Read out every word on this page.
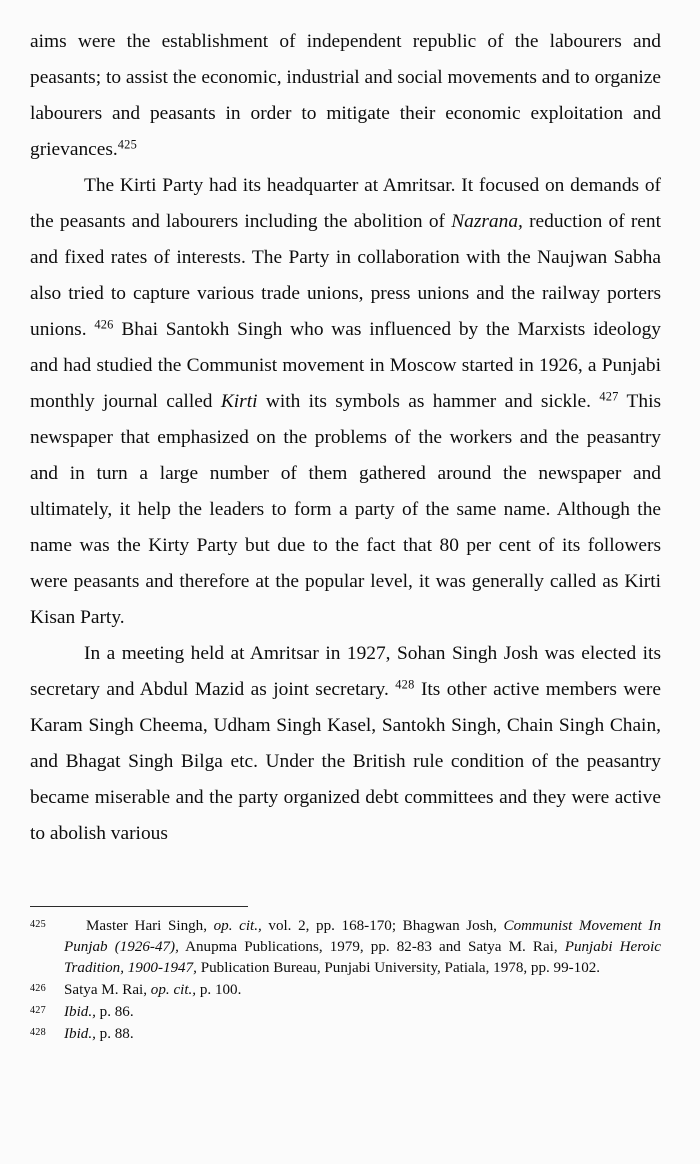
aims were the establishment of independent republic of the labourers and peasants; to assist the economic, industrial and social movements and to organize labourers and peasants in order to mitigate their economic exploitation and grievances.$^{425}$

The Kirti Party had its headquarter at Amritsar. It focused on demands of the peasants and labourers including the abolition of Nazrana, reduction of rent and fixed rates of interests. The Party in collaboration with the Naujwan Sabha also tried to capture various trade unions, press unions and the railway porters unions. $^{426}$ Bhai Santokh Singh who was influenced by the Marxists ideology and had studied the Communist movement in Moscow started in 1926, a Punjabi monthly journal called Kirti with its symbols as hammer and sickle. $^{427}$ This newspaper that emphasized on the problems of the workers and the peasantry and in turn a large number of them gathered around the newspaper and ultimately, it help the leaders to form a party of the same name. Although the name was the Kirty Party but due to the fact that 80 per cent of its followers were peasants and therefore at the popular level, it was generally called as Kirti Kisan Party.

In a meeting held at Amritsar in 1927, Sohan Singh Josh was elected its secretary and Abdul Mazid as joint secretary. $^{428}$ Its other active members were Karam Singh Cheema, Udham Singh Kasel, Santokh Singh, Chain Singh Chain, and Bhagat Singh Bilga etc. Under the British rule condition of the peasantry became miserable and the party organized debt committees and they were active to abolish various

425	Master Hari Singh, op. cit., vol. 2, pp. 168-170; Bhagwan Josh, Communist Movement In Punjab (1926-47), Anupma Publications, 1979, pp. 82-83 and Satya M. Rai, Punjabi Heroic Tradition, 1900-1947, Publication Bureau, Punjabi University, Patiala, 1978, pp. 99-102.
426 Satya M. Rai, op. cit., p. 100.
427 Ibid., p. 86.
428 Ibid., p. 88.
